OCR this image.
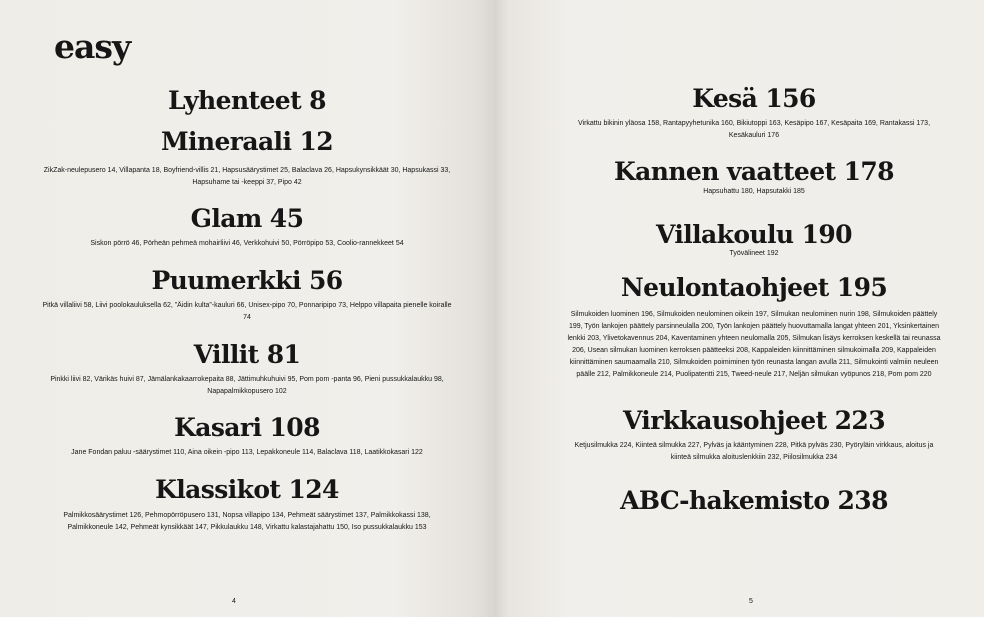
easy
Lyhenteet 8
Mineraali 12
ZikZak-neulepusero 14, Villapanta 18, Boyfriend-villis 21, Hapsusäärystimet 25, Balaclava 26, Hapsukynsikkäät 30, Hapsukassi 33, Hapsuhame tai -keeppi 37, Pipo 42
Glam 45
Siskon pörrö 46, Pörheän pehmeä mohairliivi 46, Verkkohuivi 50, Pörröpipo 53, Coolio-rannekkeet 54
Puumerkki 56
Pitkä villaliivi 58, Liivi poolokauluksella 62, ”Äidin kulta”-kauluri 66, Unisex-pipo 70, Ponnaripipo 73, Helppo villapaita pienelle koiralle 74
Villit 81
Pinkki liivi 82, Värikäs huivi 87, Jämälankakaarrokepaita 88, Jättimuhkuhuivi 95, Pom pom -panta 96, Pieni pussukkalaukku 98, Napapalmikkopusero 102
Kasari 108
Jane Fondan paluu -säärystimet 110, Aina oikein -pipo 113, Lepakkoneule 114, Balaclava 118, Laatikkokasari 122
Klassikot 124
Palmikkosäärystimet 126, Pehmopörröpusero 131, Nopsa villapipo 134, Pehmeät säärystimet 137, Palmikkokassi 138, Palmikkoneule 142, Pehmeät kynsikkäät 147, Pikkulaukku 148, Virkattu kalastajahattu 150, Iso pussukkalaukku 153
4
Kesä 156
Virkattu bikinin yläosa 158, Rantapyyhetunika 160, Bikiutoppi 163, Kesäpipo 167, Kesäpaita 169, Rantakassi 173, Kesäkauluri 176
Kannen vaatteet 178
Hapsuhattu 180, Hapsutakki 185
Villakoulu 190
Työvälineet 192
Neulontaohjeet 195
Silmukoiden luominen 196, Silmukoiden neulominen oikein 197, Silmukan neulominen nurin 198, Silmukoiden päättely 199, Työn lankojen päättely parsinneulalla 200, Työn lankojen päättely huovuttamalla langat yhteen 201, Yksinkertainen lenkki 203, Ylivetokavennus 204, Kaventaminen yhteen neulomalla 205, Silmukan lisäys kerroksen keskellä tai reunassa 206, Usean silmukan luominen kerroksen päätteeksi 208, Kappaleiden kiinnittäminen silmukoimalla 209, Kappaleiden kiinnittäminen saumaamalla 210, Silmukoiden poimiminen työn reunasta langan avulla 211, Silmukointi valmiin neuleen päälle 212, Palmikkoneule 214, Puolipatentti 215, Tweed-neule 217, Neljän silmukan vyöpunos 218, Pom pom 220
Virkkausohjeet 223
Ketjusilmukka 224, Kiinteä silmukka 227, Pylväs ja kääntyminen 228, Pitkä pylväs 230, Pyöryläin virkkaus, aloitus ja kiinteä silmukka aloituslenkkiin 232, Piilosilmukka 234
ABC-hakemisto 238
5
